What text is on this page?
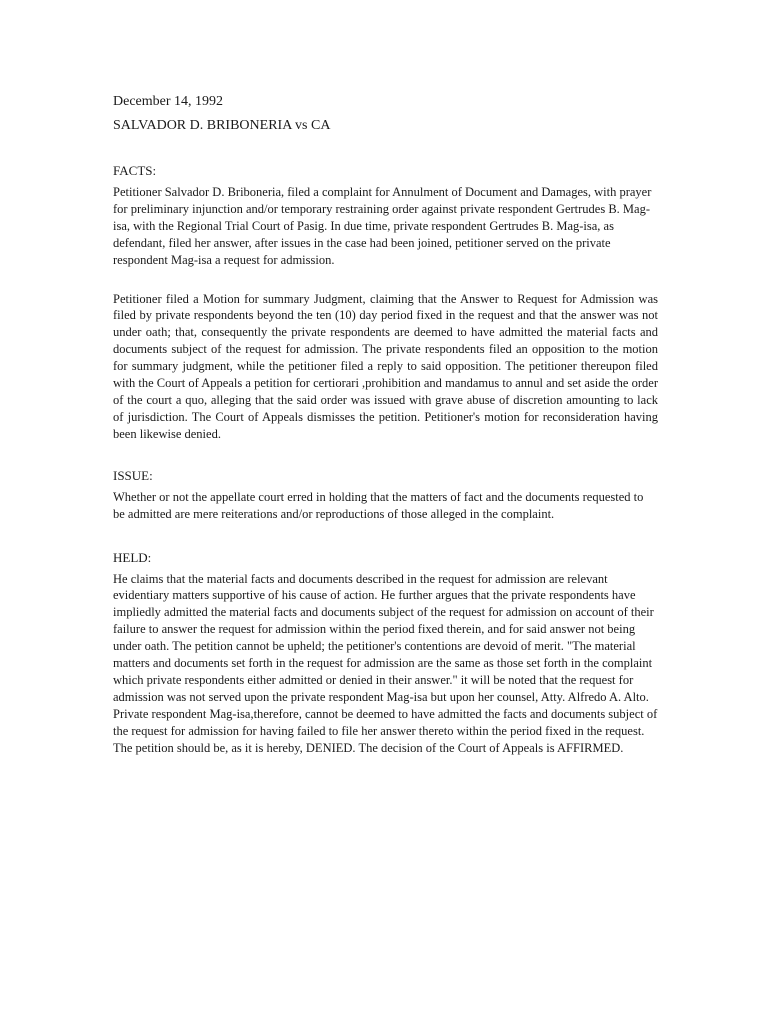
December 14, 1992

SALVADOR D. BRIBONERIA vs CA

FACTS:

Petitioner Salvador D. Briboneria, filed a complaint for Annulment of Document and Damages, with prayer for preliminary injunction and/or temporary restraining order against private respondent Gertrudes B. Mag-isa, with the Regional Trial Court of Pasig. In due time, private respondent Gertrudes B. Mag-isa, as defendant, filed her answer, after issues in the case had been joined, petitioner served on the private respondent Mag-isa a request for admission.

Petitioner filed a Motion for summary Judgment, claiming that the Answer to Request for Admission was filed by private respondents beyond the ten (10) day period fixed in the request and that the answer was not under oath; that, consequently the private respondents are deemed to have admitted the material facts and documents subject of the request for admission. The private respondents filed an opposition to the motion for summary judgment, while the petitioner filed a reply to said opposition. The petitioner thereupon filed with the Court of Appeals a petition for certiorari ,prohibition and mandamus to annul and set aside the order of the court a quo, alleging that the said order was issued with grave abuse of discretion amounting to lack of jurisdiction. The Court of Appeals dismisses the petition. Petitioner's motion for reconsideration having been likewise denied.

ISSUE:

Whether or not the appellate court erred in holding that the matters of fact and the documents requested to be admitted are mere reiterations and/or reproductions of those alleged in the complaint.

HELD:

He claims that the material facts and documents described in the request for admission are relevant evidentiary matters supportive of his cause of action. He further argues that the private respondents have impliedly admitted the material facts and documents subject of the request for admission on account of their failure to answer the request for admission within the period fixed therein, and for said answer not being under oath. The petition cannot be upheld; the petitioner's contentions are devoid of merit. "The material matters and documents set forth in the request for admission are the same as those set forth in the complaint which private respondents either admitted or denied in their answer." it will be noted that the request for admission was not served upon the private respondent Mag-isa but upon her counsel, Atty. Alfredo A. Alto. Private respondent Mag-isa,therefore, cannot be deemed to have admitted the facts and documents subject of the request for admission for having failed to file her answer thereto within the period fixed in the request. The petition should be, as it is hereby, DENIED. The decision of the Court of Appeals is AFFIRMED.
